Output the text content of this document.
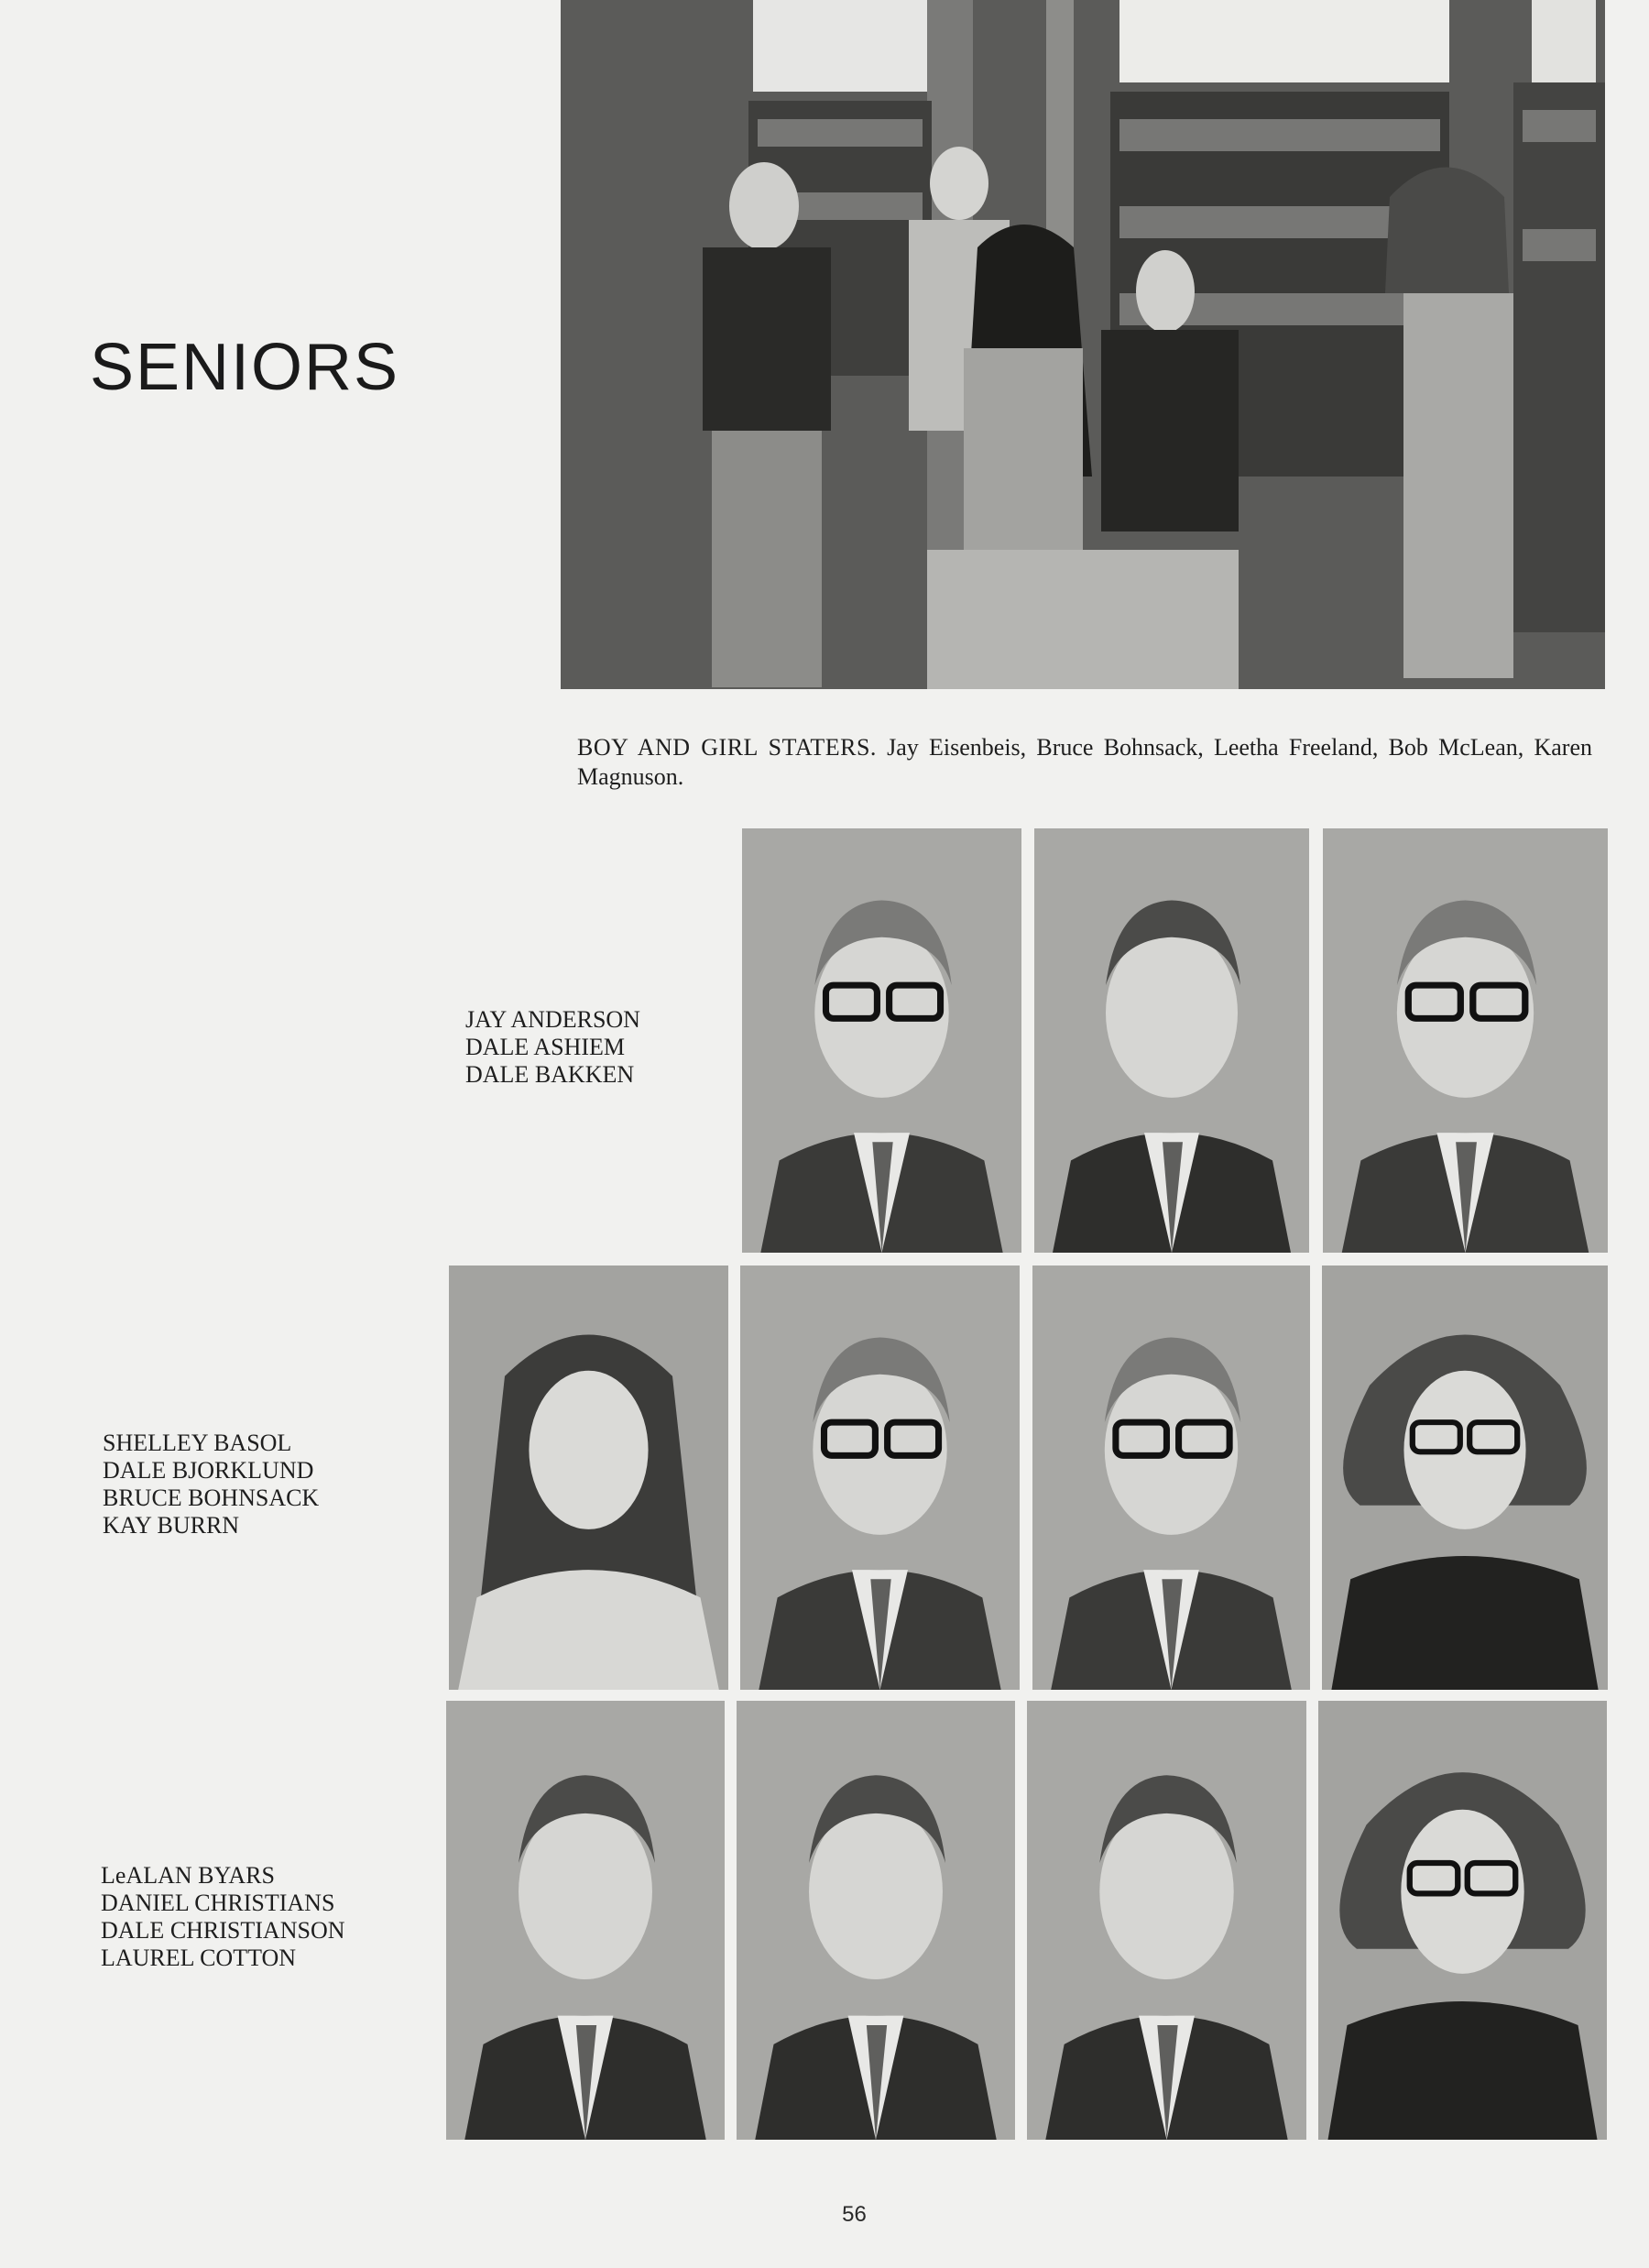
SENIORS

BOY AND GIRL STATERS. Jay Eisenbeis, Bruce Bohnsack, Leetha Freeland, Bob McLean, Karen Magnuson.

JAY ANDERSON
DALE ASHIEM
DALE BAKKEN
SHELLEY BASOL
DALE BJORKLUND
BRUCE BOHNSACK
KAY BURRN
LeALAN BYARS
DANIEL CHRISTIANS
DALE CHRISTIANSON
LAUREL COTTON
56
